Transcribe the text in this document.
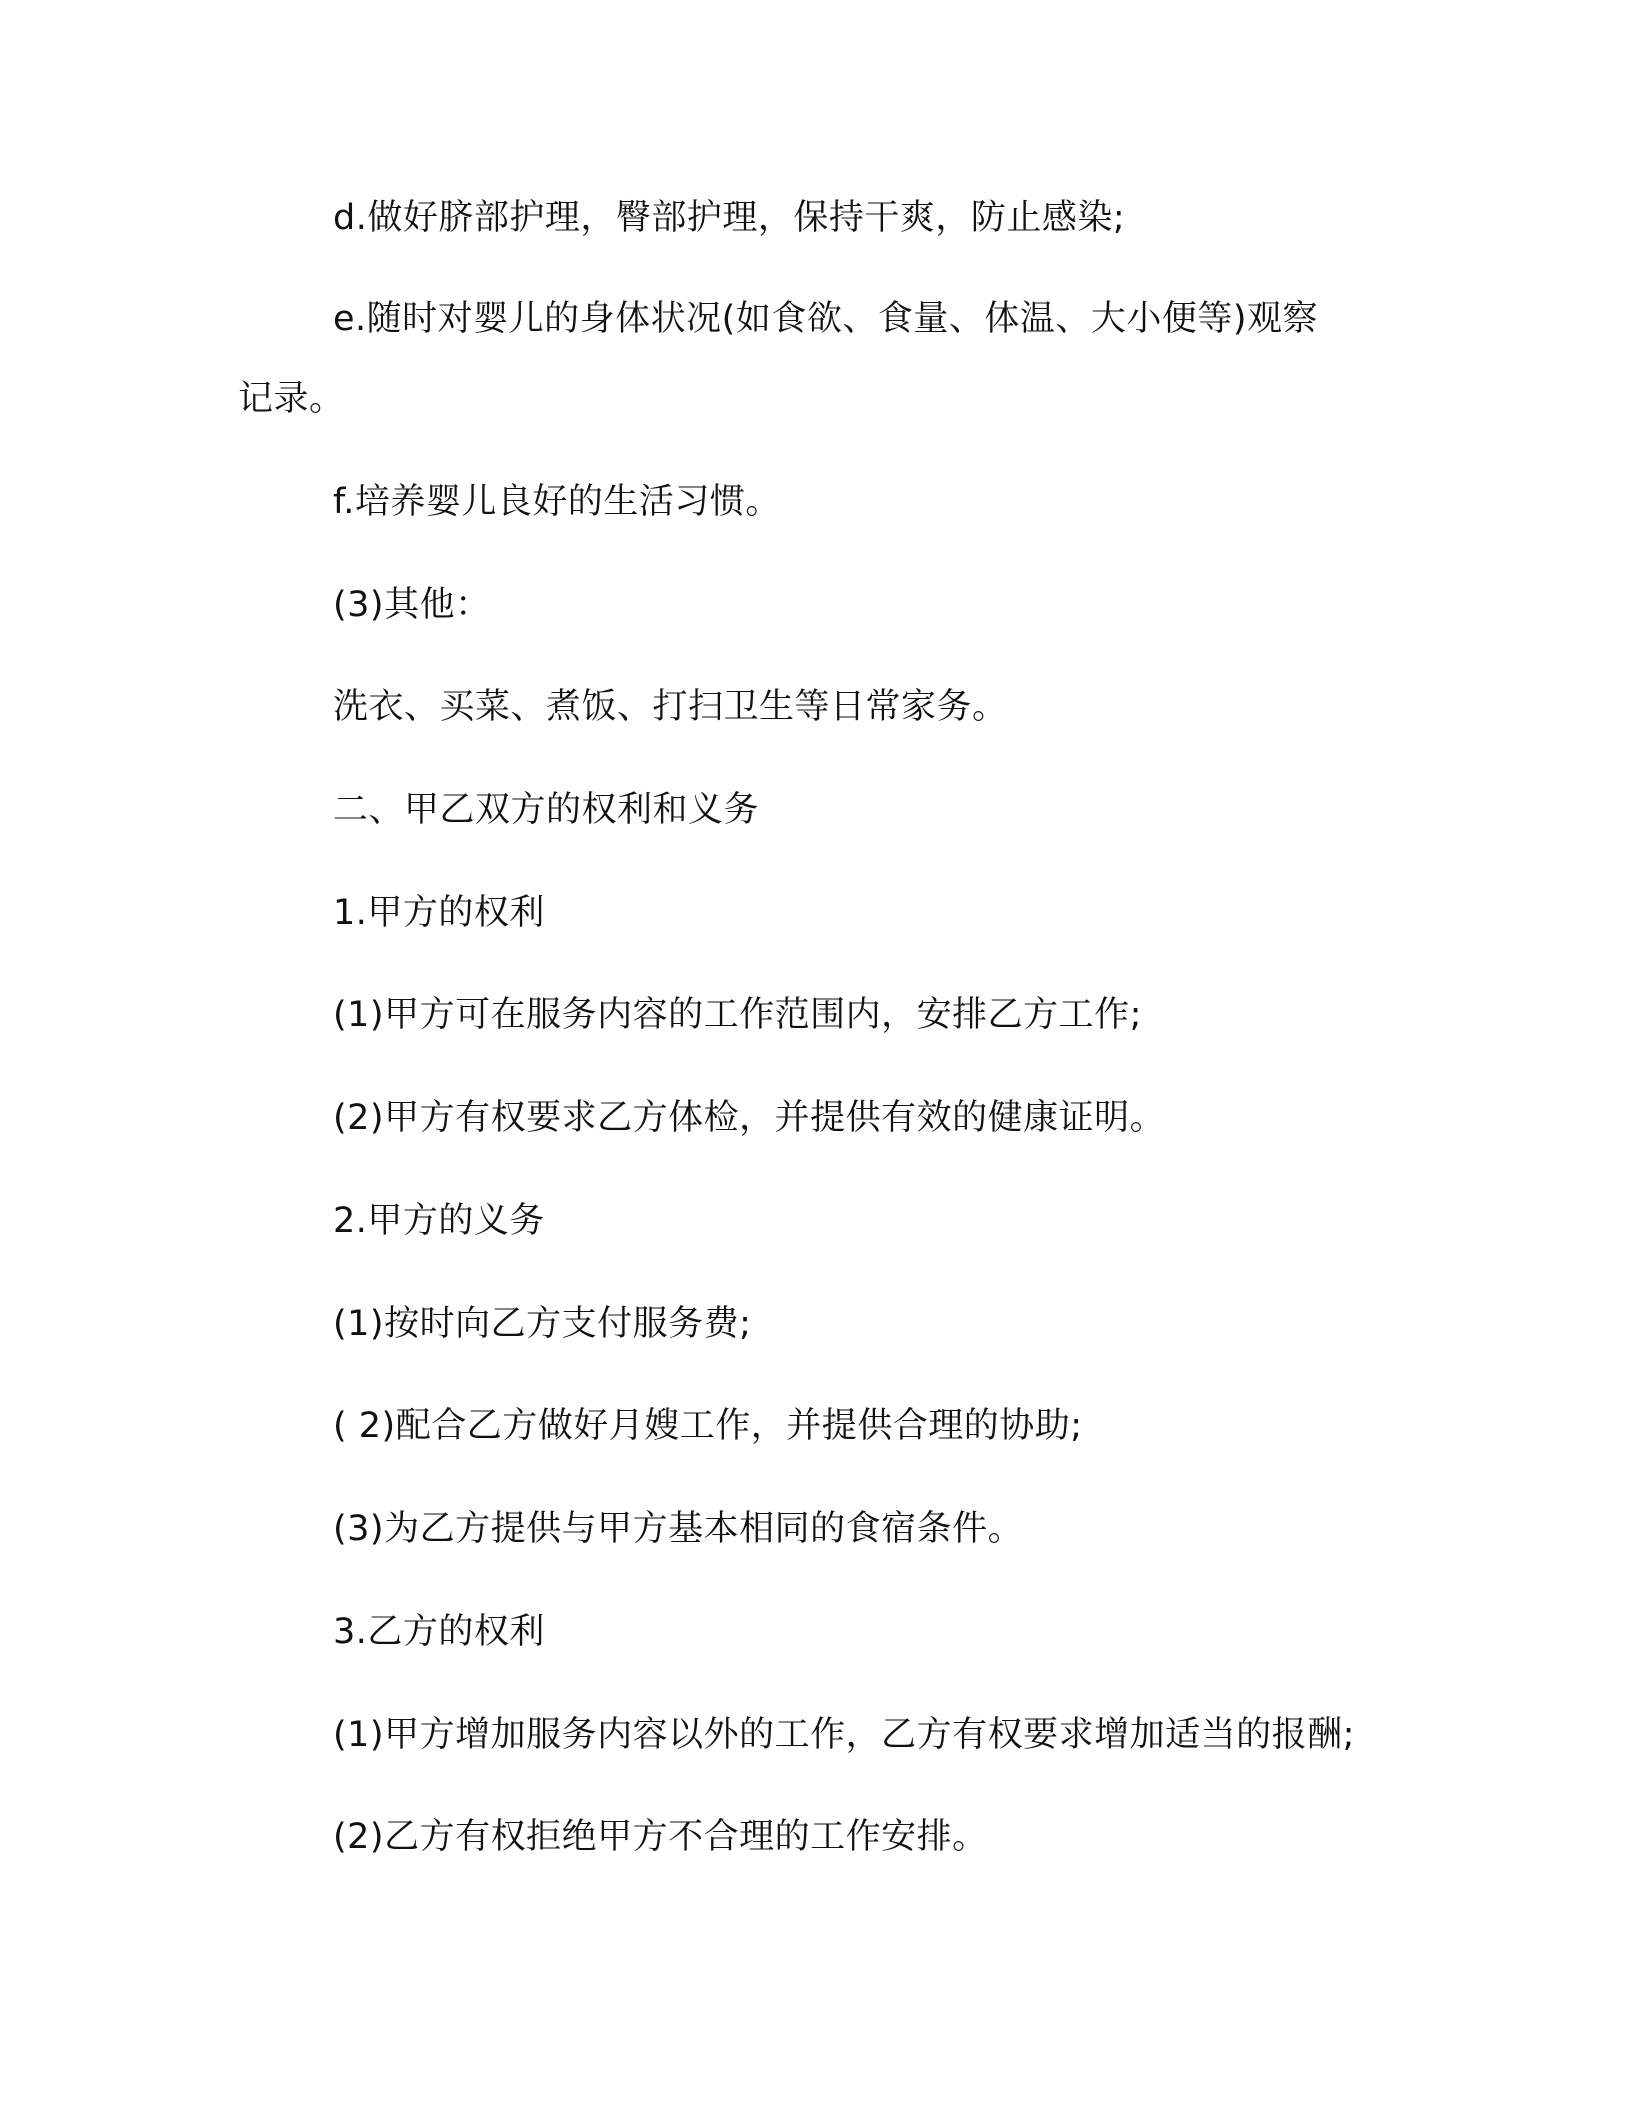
d.做好脐部护理，臀部护理，保持干爽，防止感染;
e.随时对婴儿的身体状况(如食欲、食量、体温、大小便等)观察
记录。
f.培养婴儿良好的生活习惯。
(3)其他：
洗衣、买菜、煮饭、打扫卫生等日常家务。
二、甲乙双方的权利和义务
1.甲方的权利
(1)甲方可在服务内容的工作范围内，安排乙方工作;
(2)甲方有权要求乙方体检，并提供有效的健康证明。
2.甲方的义务
(1)按时向乙方支付服务费;
( 2)配合乙方做好月嫂工作，并提供合理的协助;
(3)为乙方提供与甲方基本相同的食宿条件。
3.乙方的权利
(1)甲方增加服务内容以外的工作，乙方有权要求增加适当的报酬;
(2)乙方有权拒绝甲方不合理的工作安排。
